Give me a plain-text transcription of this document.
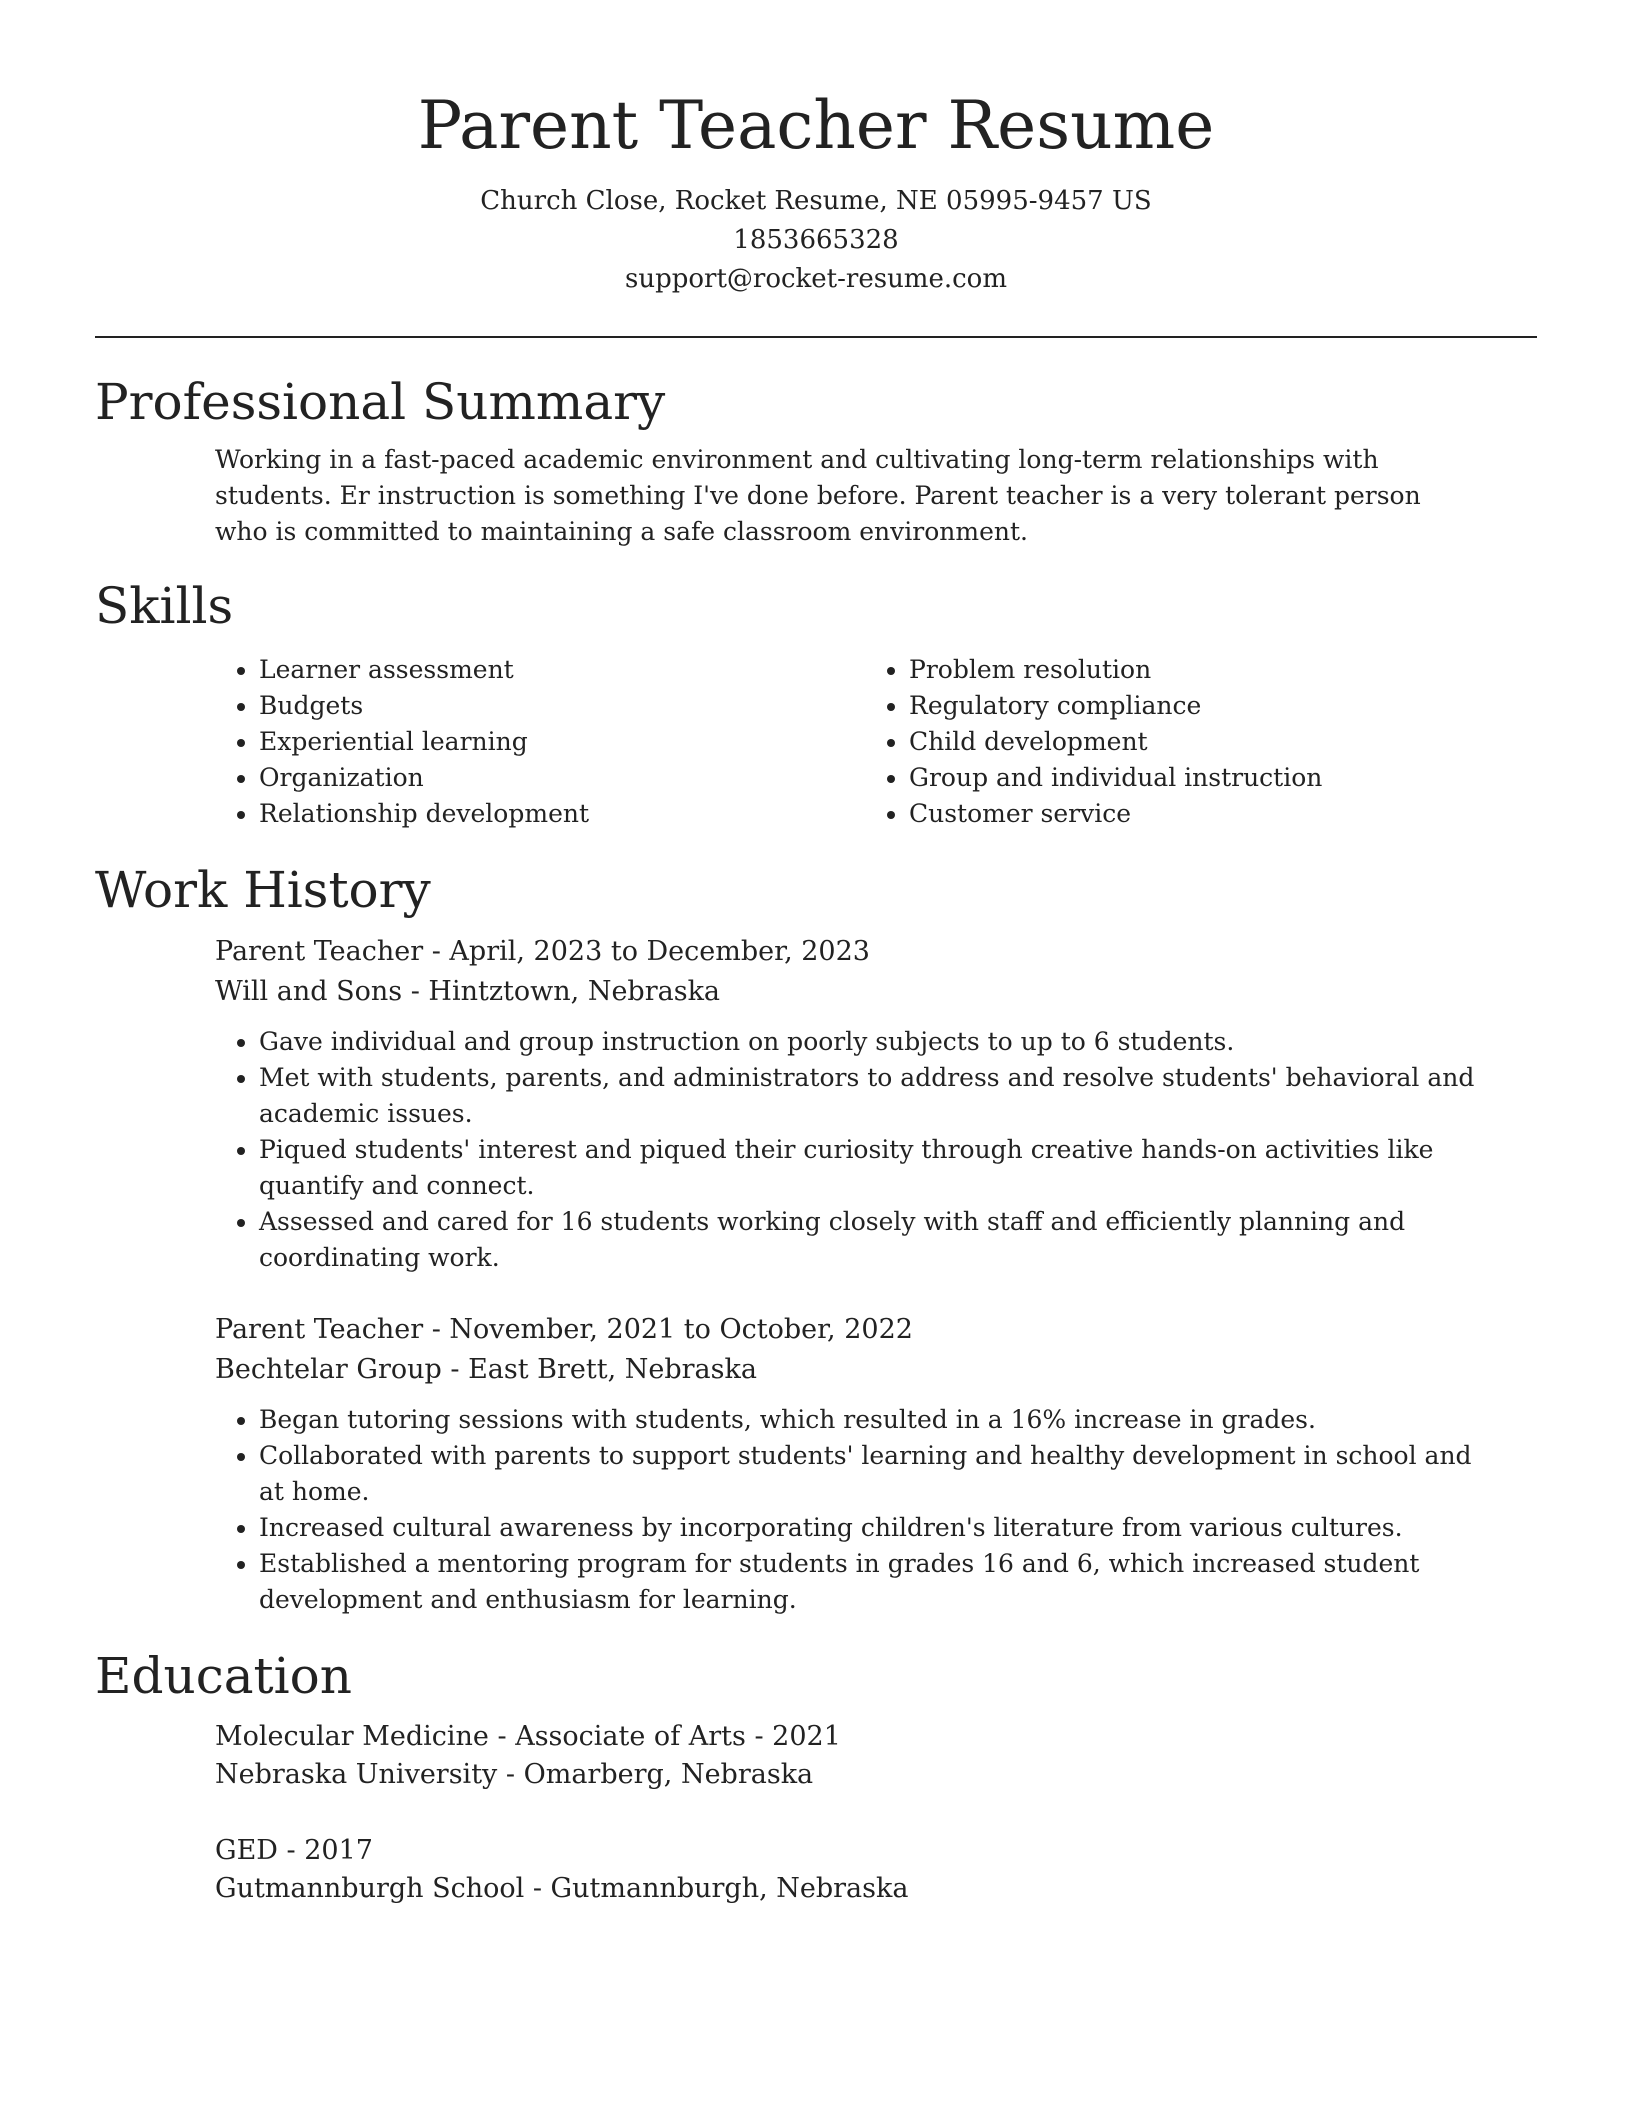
Parent Teacher Resume
Church Close, Rocket Resume, NE 05995-9457 US
1853665328
support@rocket-resume.com
Professional Summary

Working in a fast-paced academic environment and cultivating long-term relationships with students. Er instruction is something I've done before. Parent teacher is a very tolerant person who is committed to maintaining a safe classroom environment.

Skills
• Learner assessment
• Budgets
• Experiential learning
• Organization
• Relationship development
• Problem resolution
• Regulatory compliance
• Child development
• Group and individual instruction
• Customer service
Work History
Parent Teacher - April, 2023 to December, 2023
Will and Sons - Hintztown, Nebraska
• Gave individual and group instruction on poorly subjects to up to 6 students.
• Met with students, parents, and administrators to address and resolve students' behavioral and academic issues.
• Piqued students' interest and piqued their curiosity through creative hands-on activities like quantify and connect.
• Assessed and cared for 16 students working closely with staff and efficiently planning and coordinating work.
Parent Teacher - November, 2021 to October, 2022
Bechtelar Group - East Brett, Nebraska
• Began tutoring sessions with students, which resulted in a 16% increase in grades.
• Collaborated with parents to support students' learning and healthy development in school and at home.
• Increased cultural awareness by incorporating children's literature from various cultures.
• Established a mentoring program for students in grades 16 and 6, which increased student development and enthusiasm for learning.
Education
Molecular Medicine - Associate of Arts - 2021
Nebraska University - Omarberg, Nebraska
GED - 2017
Gutmannburgh School - Gutmannburgh, Nebraska
